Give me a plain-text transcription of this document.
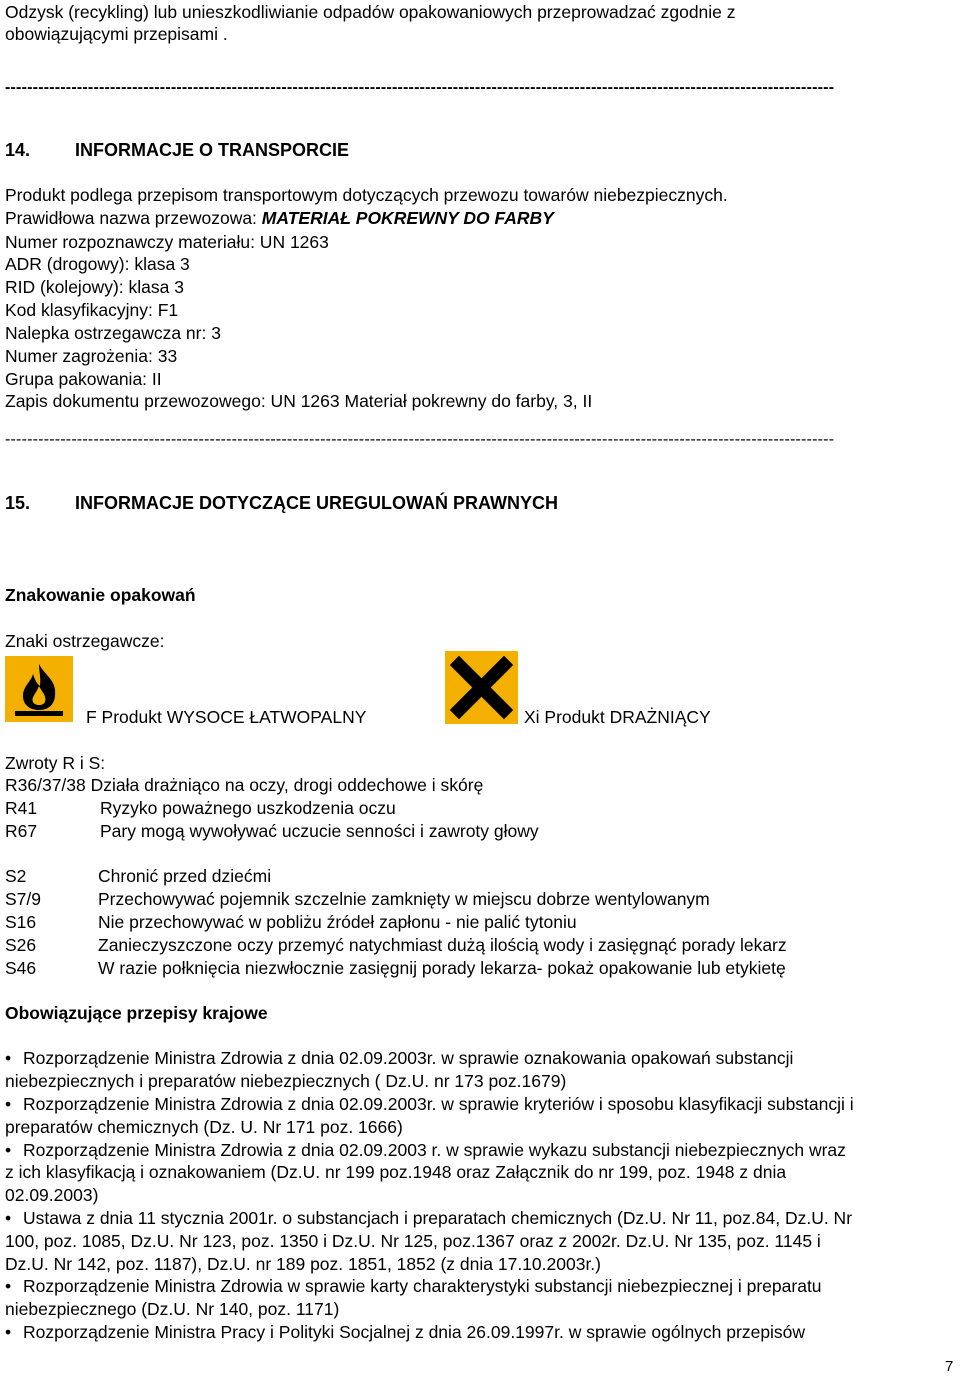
Odzysk (recykling) lub unieszkodliwianie odpadów opakowaniowych przeprowadzać zgodnie z
obowiązującymi przepisami .
------------------------------------------------------------------------------------------------------------------------------------------------------
14. INFORMACJE O TRANSPORCIE
Produkt podlega przepisom transportowym dotyczących przewozu towarów niebezpiecznych.
Prawidłowa nazwa przewozowa: MATERIAŁ POKREWNY DO FARBY
Numer rozpoznawczy materiału: UN 1263
ADR (drogowy): klasa 3
RID (kolejowy): klasa 3
Kod klasyfikacyjny: F1
Nalepka ostrzegawcza nr: 3
Numer zagrożenia: 33
Grupa pakowania: II
Zapis dokumentu przewozowego: UN 1263 Materiał pokrewny do farby, 3, II
------------------------------------------------------------------------------------------------------------------------------------------------------
15. INFORMACJE DOTYCZĄCE UREGULOWAŃ PRAWNYCH
Znakowanie opakowań
Znaki ostrzegawcze:
F Produkt WYSOCE ŁATWOPALNY	Xi Produkt DRAŻNIĄCY
Zwroty R i S:
R36/37/38 Działa drażniąco na oczy, drogi oddechowe i skórę
R41	Ryzyko poważnego uszkodzenia oczu
R67	Pary mogą wywoływać uczucie senności i zawroty głowy
S2	Chronić przed dziećmi
S7/9	Przechowywać pojemnik szczelnie zamknięty w miejscu dobrze wentylowanym
S16	Nie przechowywać w pobliżu źródeł zapłonu - nie palić tytoniu
S26	Zanieczyszczone oczy przemyć natychmiast dużą ilością wody i zasięgnąć porady lekarz
S46	W razie połknięcia niezwłocznie zasięgnij porady lekarza- pokaż opakowanie lub etykietę
Obowiązujące przepisy krajowe
• Rozporządzenie Ministra Zdrowia z dnia 02.09.2003r. w sprawie oznakowania opakowań substancji
niebezpiecznych i preparatów niebezpiecznych ( Dz.U. nr 173 poz.1679)
• Rozporządzenie Ministra Zdrowia z dnia 02.09.2003r. w sprawie kryteriów i sposobu klasyfikacji substancji i
preparatów chemicznych (Dz. U. Nr 171 poz. 1666)
• Rozporządzenie Ministra Zdrowia z dnia 02.09.2003 r. w sprawie wykazu substancji niebezpiecznych wraz
z ich klasyfikacją i oznakowaniem (Dz.U. nr 199 poz.1948 oraz Załącznik do nr 199, poz. 1948 z dnia
02.09.2003)
• Ustawa z dnia 11 stycznia 2001r. o substancjach i preparatach chemicznych (Dz.U. Nr 11, poz.84, Dz.U. Nr
100, poz. 1085, Dz.U. Nr 123, poz. 1350 i Dz.U. Nr 125, poz.1367 oraz z 2002r. Dz.U. Nr 135, poz. 1145 i
Dz.U. Nr 142, poz. 1187), Dz.U. nr 189 poz. 1851, 1852 (z dnia 17.10.2003r.)
• Rozporządzenie Ministra Zdrowia w sprawie karty charakterystyki substancji niebezpiecznej i preparatu
niebezpiecznego (Dz.U. Nr 140, poz. 1171)
• Rozporządzenie Ministra Pracy i Polityki Socjalnej z dnia 26.09.1997r. w sprawie ogólnych przepisów
7
